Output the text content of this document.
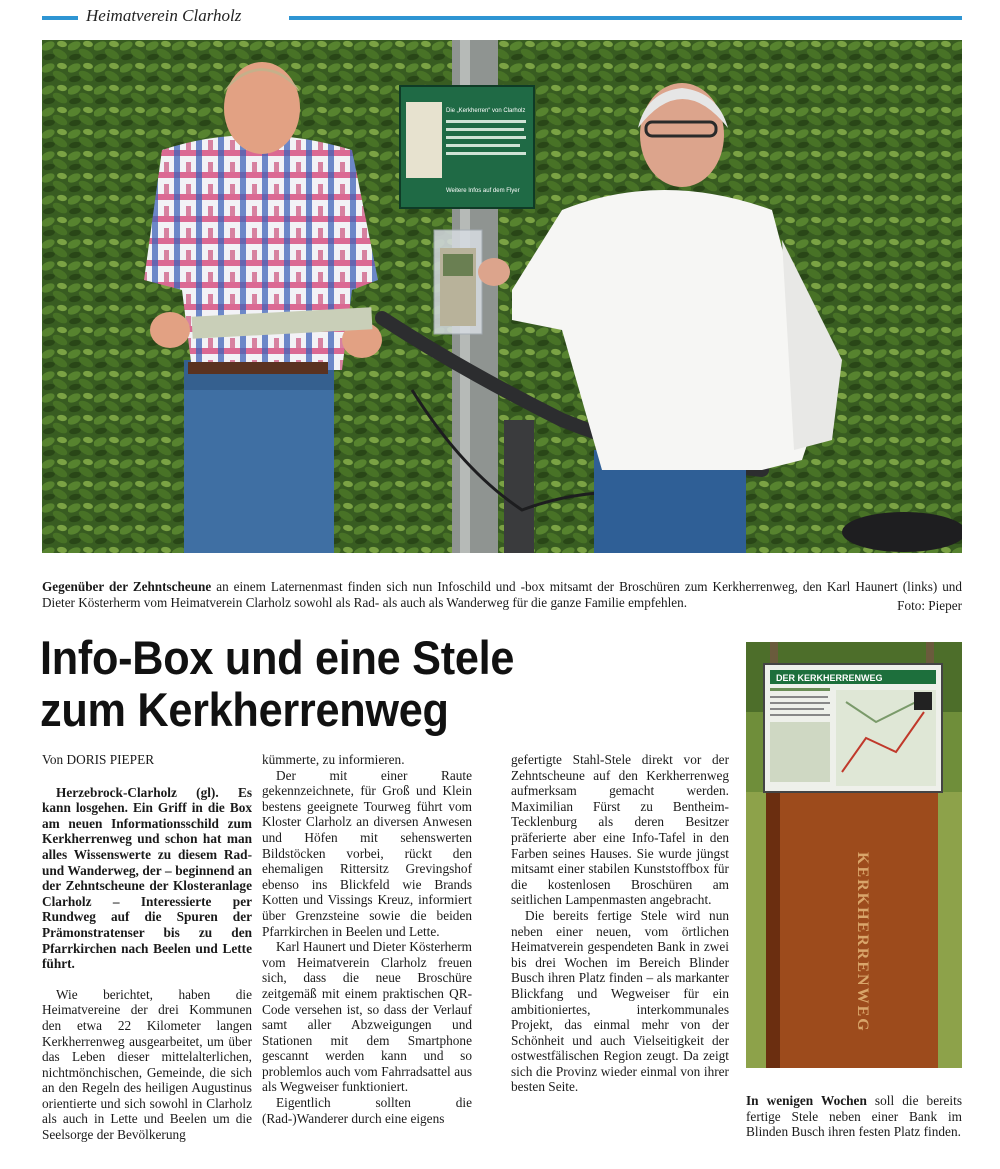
Heimatverein Clarholz
Die „Kerkherren“ von Clarholz
Weitere Infos auf dem Flyer

Gegenüber der Zehntscheune an einem Laternenmast finden sich nun Infoschild und -box mitsamt der Broschüren zum Kerkherrenweg, den Karl Haunert (links) und Dieter Kösterherm vom Heimatverein Clarholz sowohl als Rad- als auch als Wanderweg für die ganze Familie empfehlen.	Foto: Pieper
Info-Box und eine Stele
zum Kerkherrenweg

Von DORIS PIEPER

Herzebrock-Clarholz (gl). Es kann losgehen. Ein Griff in die Box am neuen Informationsschild zum Kerkherrenweg und schon hat man alles Wissenswerte zu diesem Rad- und Wanderweg, der – beginnend an der Zehntscheune der Klosteranlage Clarholz – Interessierte per Rundweg auf die Spuren der Prämonstratenser bis zu den Pfarrkirchen nach Beelen und Lette führt.

Wie berichtet, haben die Heimatvereine der drei Kommunen den etwa 22 Kilometer langen Kerkherrenweg ausgearbeitet, um über das Leben dieser mittelalterlichen, nichtmönchischen, Gemeinde, die sich an den Regeln des heiligen Augustinus orientierte und sich sowohl in Clarholz als auch in Lette und Beelen um die Seelsorge der Bevölkerung

kümmerte, zu informieren.

Der mit einer Raute gekennzeichnete, für Groß und Klein bestens geeignete Tourweg führt vom Kloster Clarholz an diversen Anwesen und Höfen mit sehenswerten Bildstöcken vorbei, rückt den ehemaligen Rittersitz Grevingshof ebenso ins Blickfeld wie Brands Kotten und Vissings Kreuz, informiert über Grenzsteine sowie die beiden Pfarrkirchen in Beelen und Lette.

Karl Haunert und Dieter Kösterherm vom Heimatverein Clarholz freuen sich, dass die neue Broschüre zeitgemäß mit einem praktischen QR-Code versehen ist, so dass der Verlauf samt aller Abzweigungen und Stationen mit dem Smartphone gescannt werden kann und so problemlos auch vom Fahrradsattel aus als Wegweiser funktioniert.

Eigentlich sollten die (Rad-)Wanderer durch eine eigens

gefertigte Stahl-Stele direkt vor der Zehntscheune auf den Kerkherrenweg aufmerksam gemacht werden. Maximilian Fürst zu Bentheim-Tecklenburg als deren Besitzer präferierte aber eine Info-Tafel in den Farben seines Hauses. Sie wurde jüngst mitsamt einer stabilen Kunststoffbox für die kostenlosen Broschüren am seitlichen Lampenmasten angebracht.

Die bereits fertige Stele wird nun neben einer neuen, vom örtlichen Heimatverein gespendeten Bank in zwei bis drei Wochen im Bereich Blinder Busch ihren Platz finden – als markanter Blickfang und Wegweiser für ein ambitioniertes, interkommunales Projekt, das einmal mehr von der Schönheit und auch Vielseitigkeit der ostwestfälischen Region zeugt. Da zeigt sich die Provinz wieder einmal von ihrer besten Seite.

KERKHERRENWEG
DER KERKHERRENWEG

In wenigen Wochen soll die bereits fertige Stele neben einer Bank im Blinden Busch ihren festen Platz finden.
